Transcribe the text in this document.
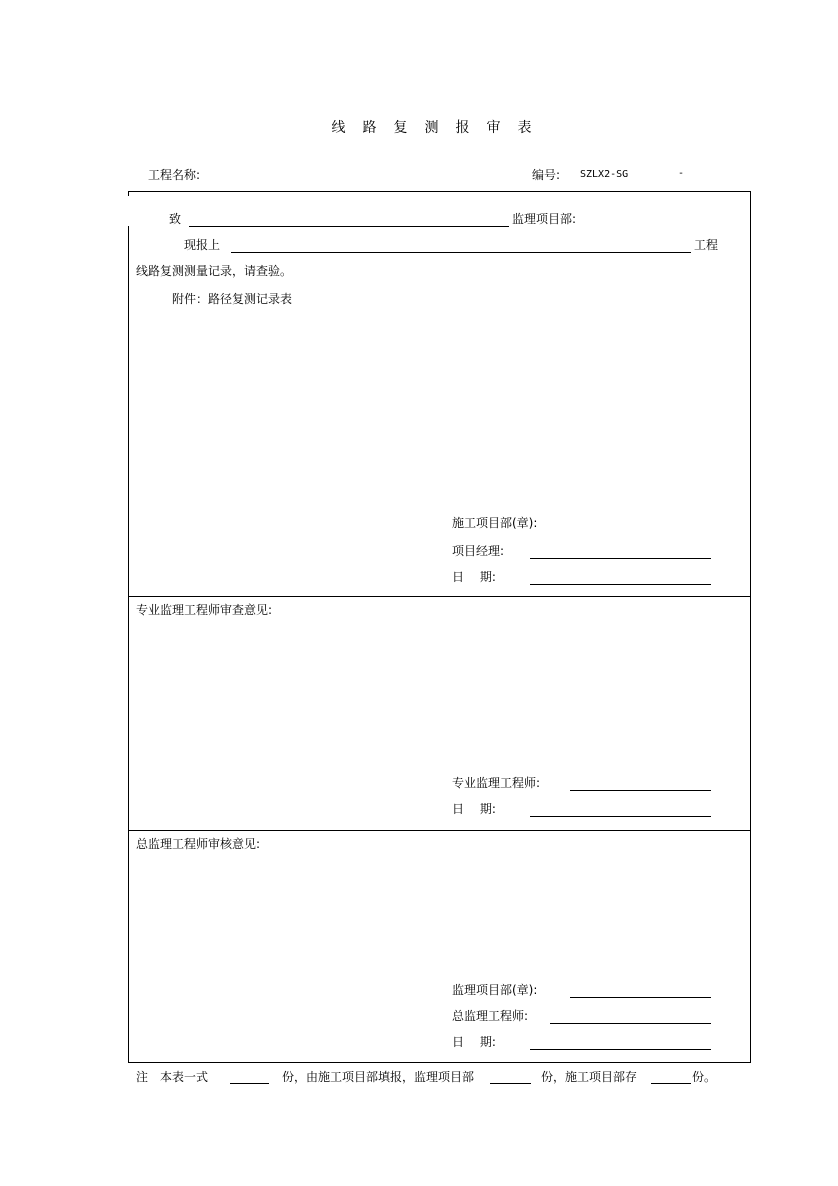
线路复测报审表
工程名称:	编号: SZLX2-SG	-
致	监理项目部:
现报上	工程
线路复测测量记录，请查验。
附件：路径复测记录表
施工项目部(章):
项目经理:
日　 期:
专业监理工程师审查意见:
专业监理工程师:
日　 期:
总监理工程师审核意见:
监理项目部(章):
总监理工程师:
日　 期:
注　本表一式	份，由施工项目部填报，监理项目部	份，施工项目部存	份。
